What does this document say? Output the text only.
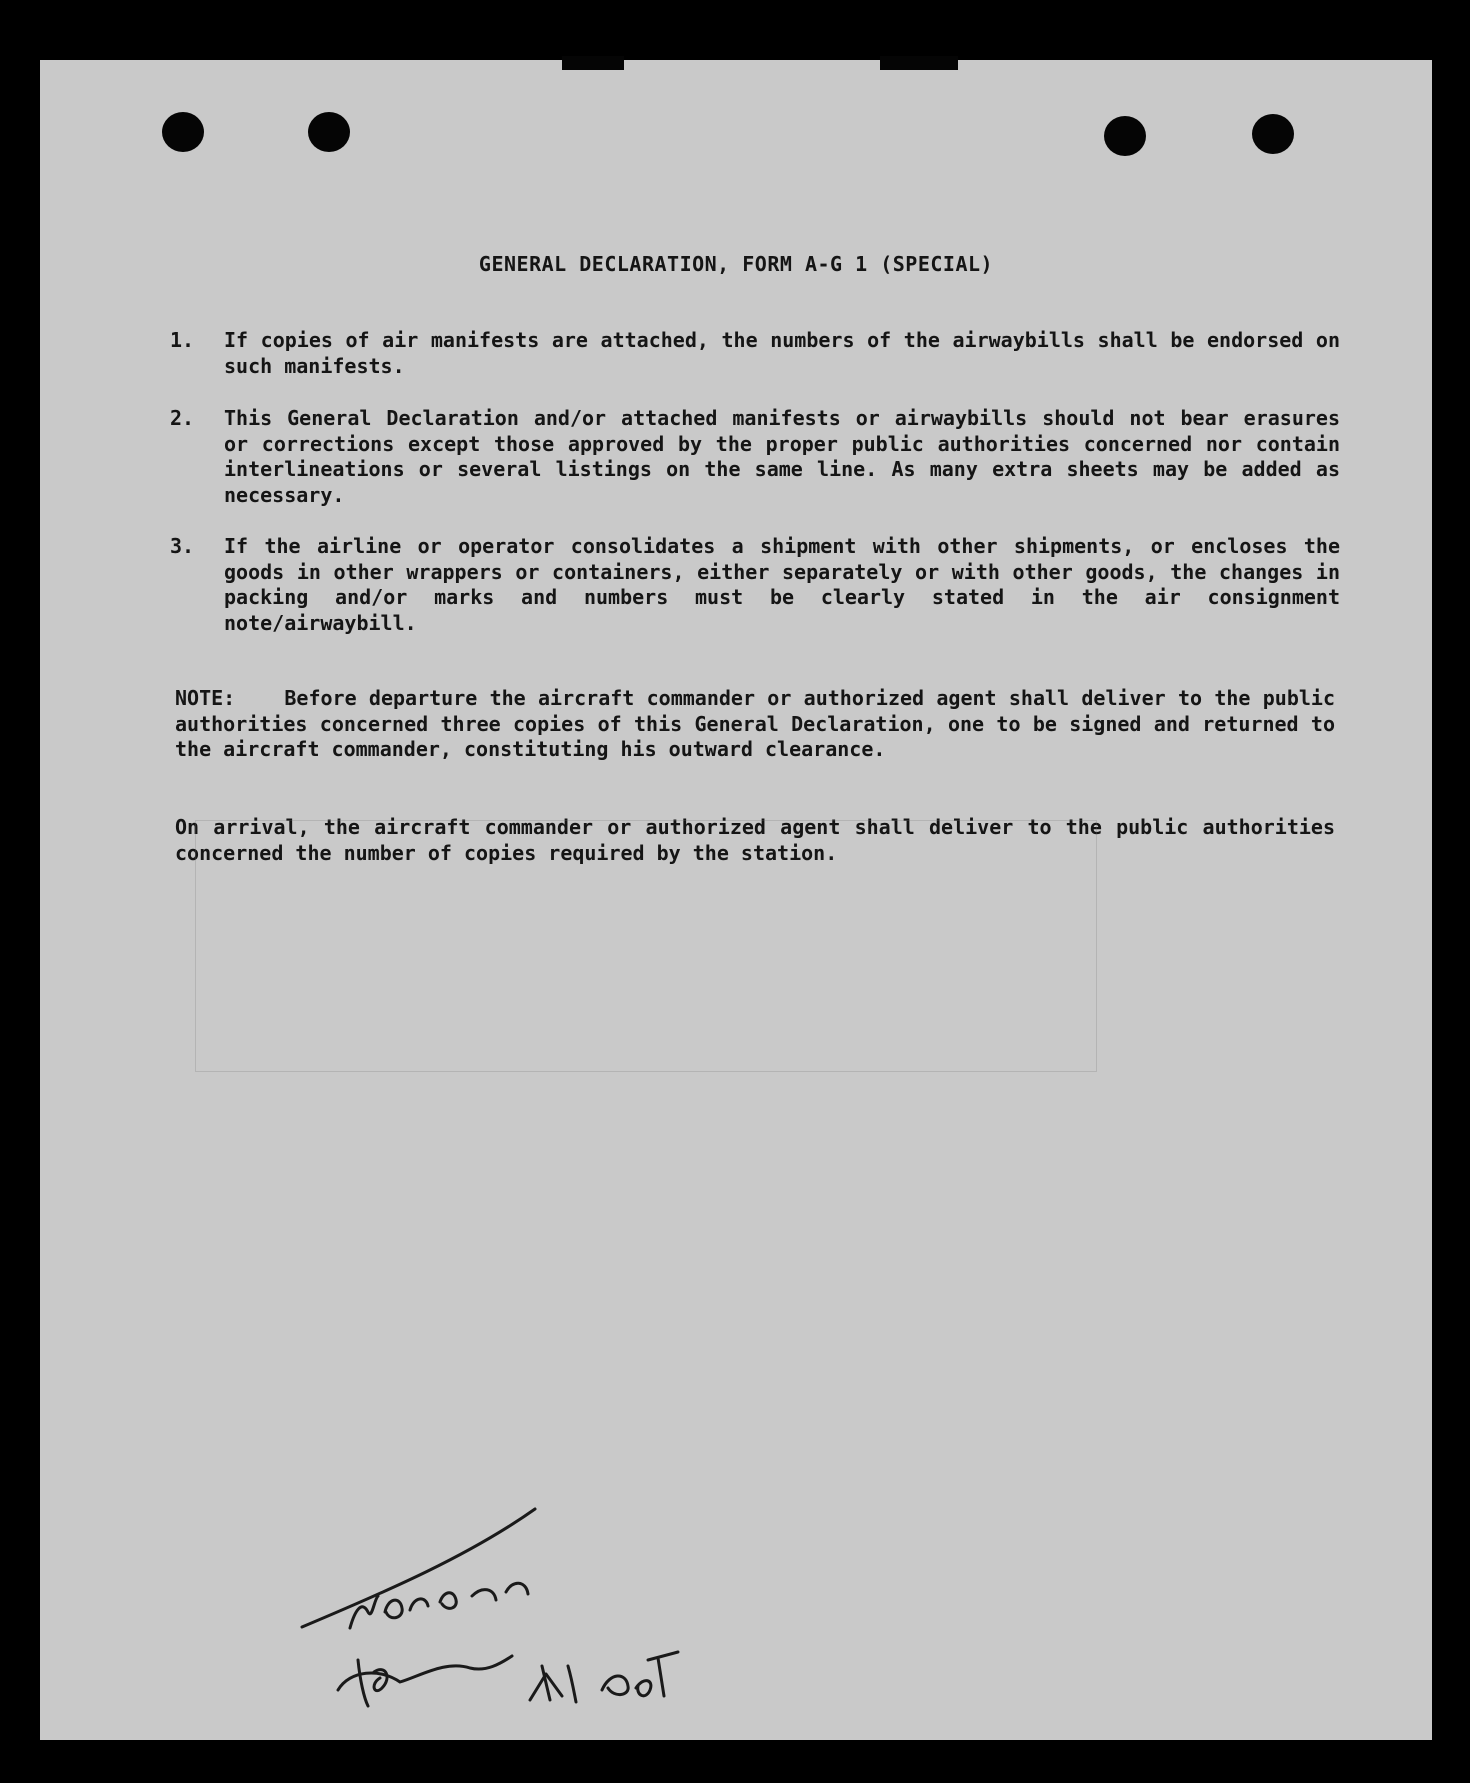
GENERAL DECLARATION, FORM A-G 1 (SPECIAL)
1. If copies of air manifests are attached, the numbers of the airwaybills shall be endorsed on such manifests.
2. This General Declaration and/or attached manifests or airwaybills should not bear erasures or corrections except those approved by the proper public authorities concerned nor contain interlineations or several listings on the same line. As many extra sheets may be added as necessary.
3. If the airline or operator consolidates a shipment with other shipments, or encloses the goods in other wrappers or containers, either separately or with other goods, the changes in packing and/or marks and numbers must be clearly stated in the air consignment note/airwaybill.
NOTE:    Before departure the aircraft commander or authorized agent shall deliver to the public authorities concerned three copies of this General Declaration, one to be signed and returned to the aircraft commander, constituting his outward clearance.
On arrival, the aircraft commander or authorized agent shall deliver to the public authorities concerned the number of copies required by the station.
